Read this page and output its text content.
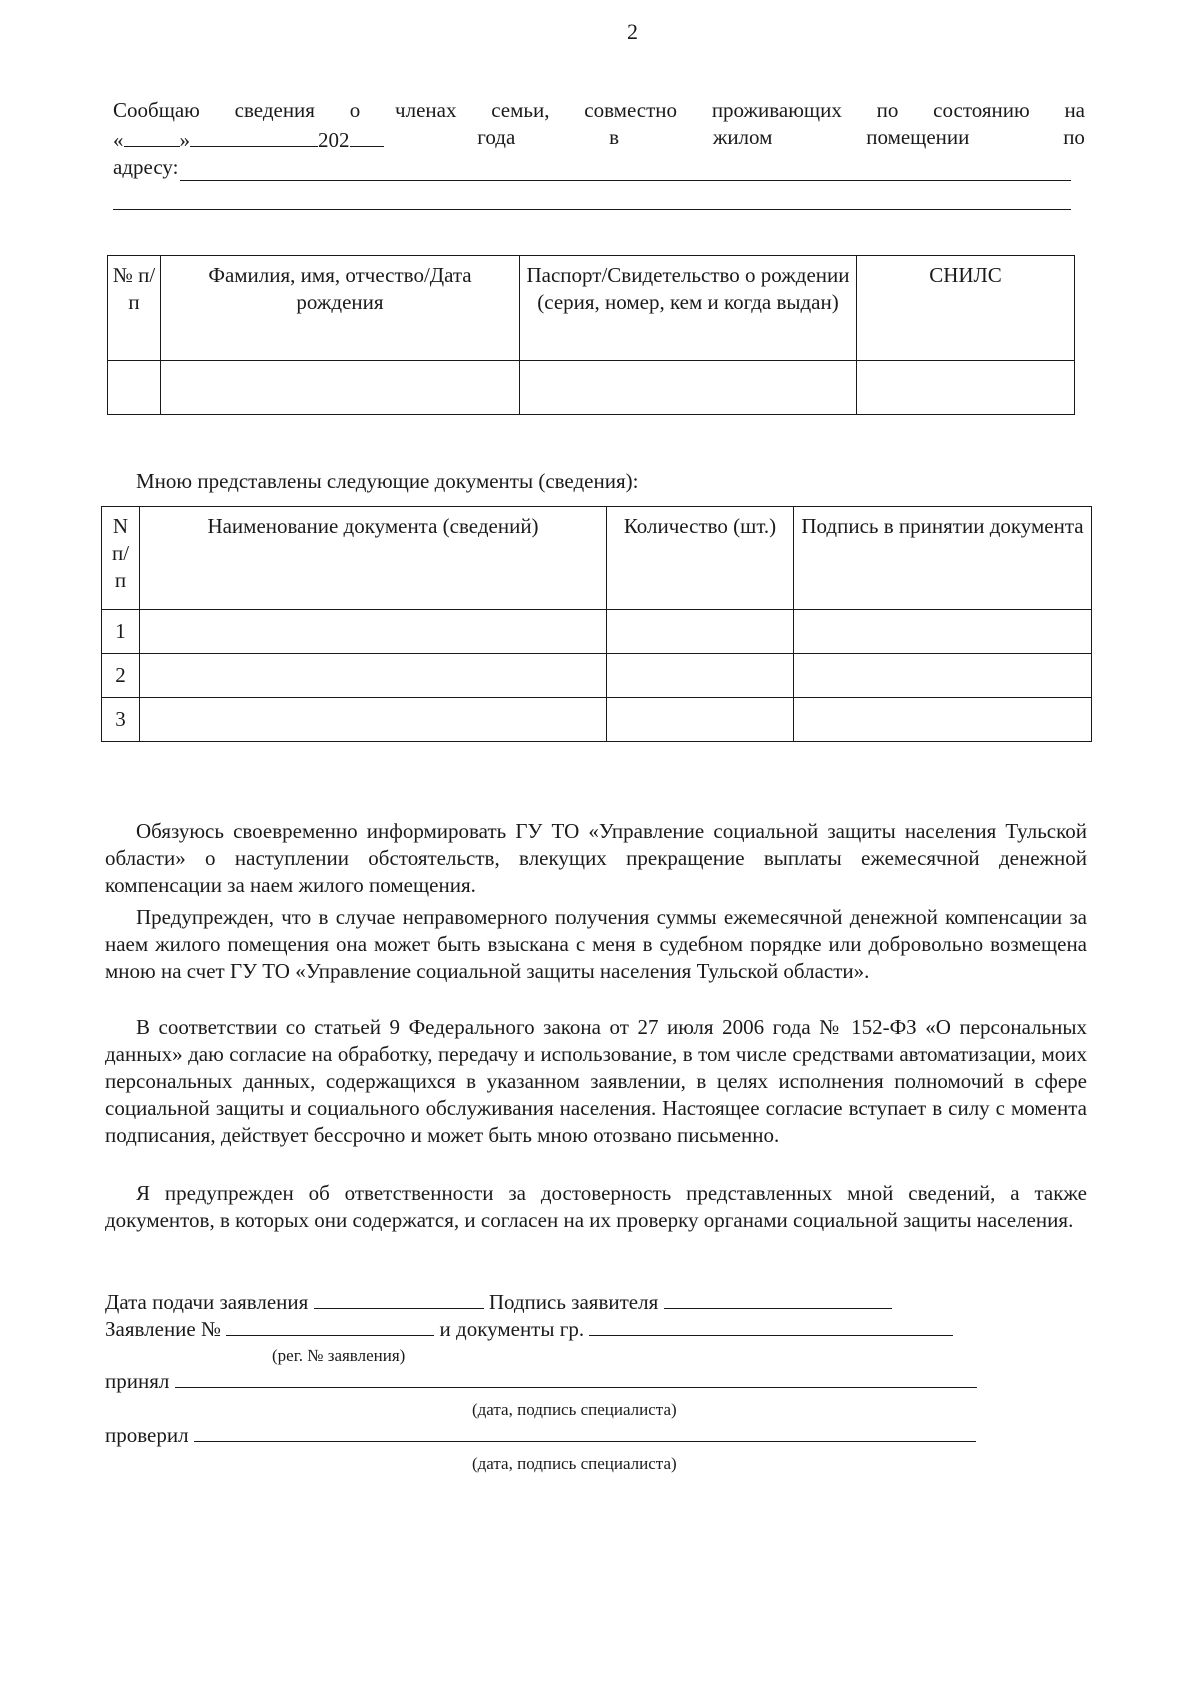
2
Сообщаю сведения о членах семьи, совместно проживающих по состоянию на
«	»	202	года	в	жилом	помещении	по
адресу:
№ п/п	Фамилия, имя, отчество/Дата рождения	Паспорт/Свидетельство о рождении (серия, номер, кем и когда выдан)	СНИЛС

Мною представлены следующие документы (сведения):
N п/ п	Наименование документа (сведений)	Количество (шт.)	Подпись в принятии документа
1			
2			
3			
Обязуюсь своевременно информировать ГУ ТО «Управление социальной защиты населения Тульской области» о наступлении обстоятельств, влекущих прекращение выплаты ежемесячной денежной компенсации за наем жилого помещения.
Предупрежден, что в случае неправомерного получения суммы ежемесячной денежной компенсации за наем жилого помещения она может быть взыскана с меня в судебном порядке или добровольно возмещена мною на счет ГУ ТО «Управление социальной защиты населения Тульской области».
В соответствии со статьей 9 Федерального закона от 27 июля 2006 года № 152-ФЗ «О персональных данных» даю согласие на обработку, передачу и использование, в том числе средствами автоматизации, моих персональных данных, содержащихся в указанном заявлении, в целях исполнения полномочий в сфере социальной защиты и социального обслуживания населения. Настоящее согласие вступает в силу с момента подписания, действует бессрочно и может быть мною отозвано письменно.
Я предупрежден об ответственности за достоверность представленных мной сведений, а также документов, в которых они содержатся, и согласен на их проверку органами социальной защиты населения.
Дата подачи заявления	Подпись заявителя
Заявление №	и документы гр.
(рег. № заявления)
принял
(дата, подпись специалиста)
проверил
(дата, подпись специалиста)
